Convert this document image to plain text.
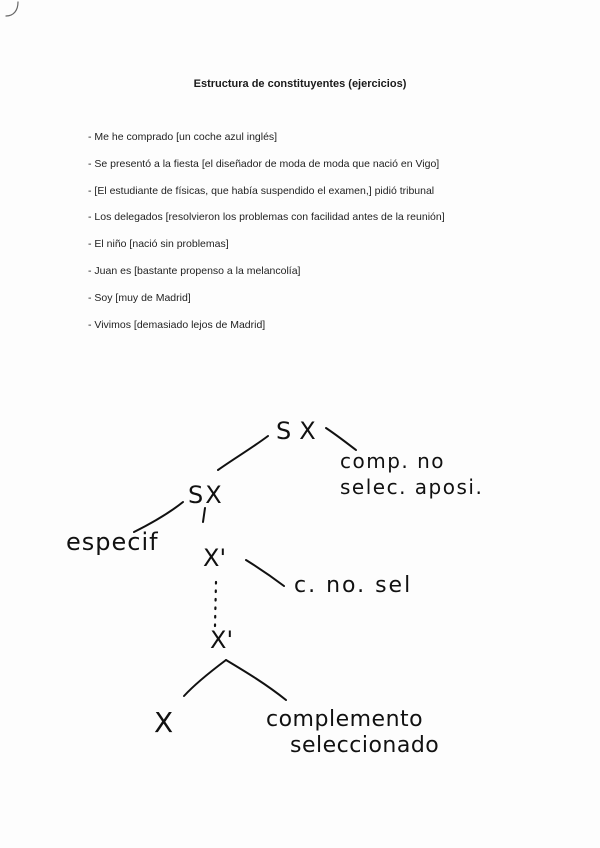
Estructura de constituyentes (ejercicios)
- Me he comprado [un coche azul inglés]
- Se presentó a la fiesta [el diseñador de moda de moda que nació en Vigo]
- [El estudiante de físicas, que había suspendido el examen,] pidió tribunal
- Los delegados [resolvieron los problemas con facilidad antes de la reunión]
- El niño [nació sin problemas]
- Juan es [bastante propenso a la melancolía]
- Soy [muy de Madrid]
- Vivimos [demasiado lejos de Madrid]
SX
comp. no
selec. aposi.
SX
especif
X'
c. no. sel
X'
X	complemento
seleccionado
